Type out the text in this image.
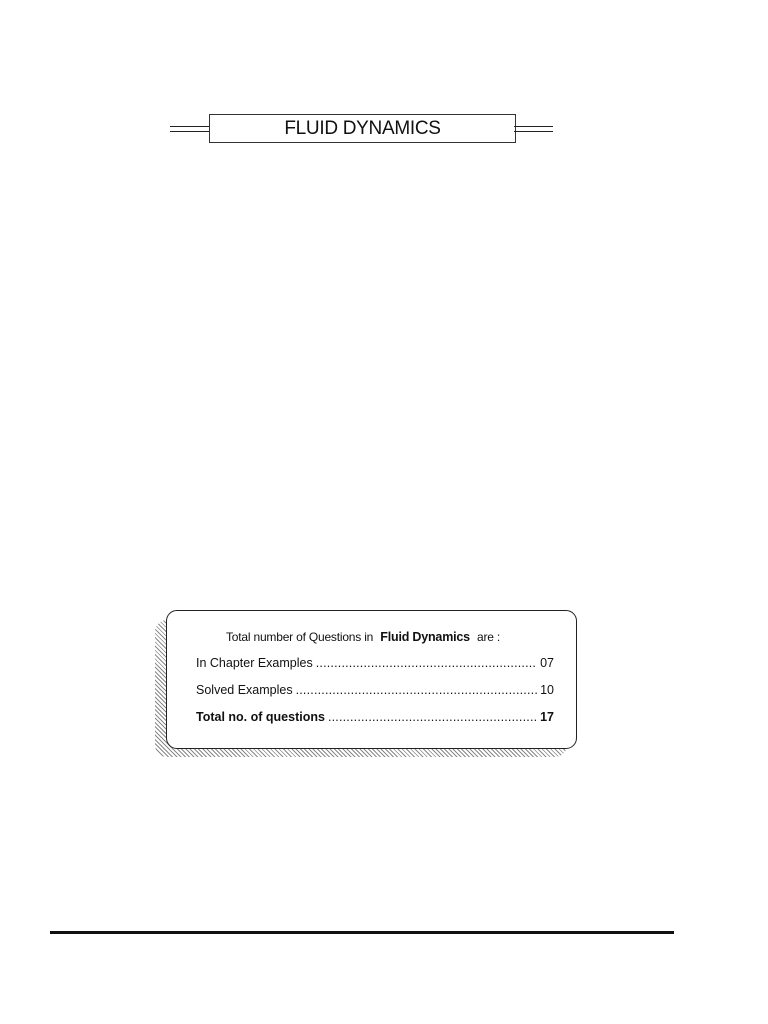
FLUID DYNAMICS
Total number of Questions in Fluid Dynamics are :
In Chapter Examples .....	07
Solved Examples .....	10
Total no. of questions .....	17
